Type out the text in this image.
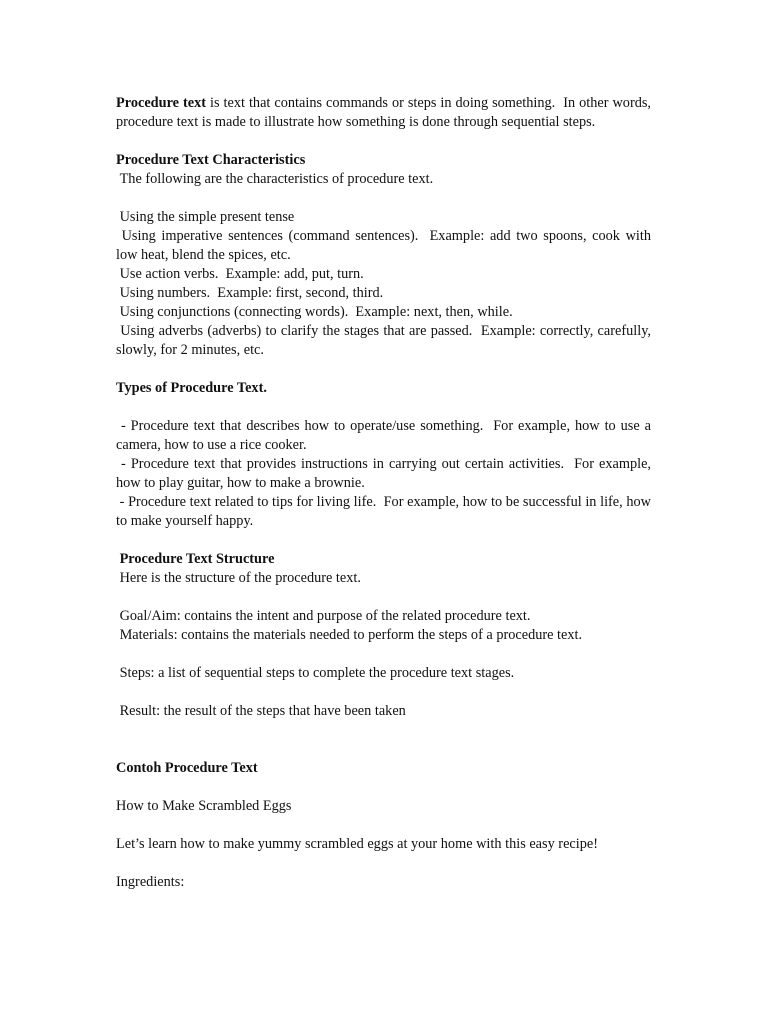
Procedure text is text that contains commands or steps in doing something.  In other words, procedure text is made to illustrate how something is done through sequential steps.
Procedure Text Characteristics
The following are the characteristics of procedure text.
Using the simple present tense
Using imperative sentences (command sentences).  Example: add two spoons, cook with low heat, blend the spices, etc.
Use action verbs.  Example: add, put, turn.
Using numbers.  Example: first, second, third.
Using conjunctions (connecting words).  Example: next, then, while.
Using adverbs (adverbs) to clarify the stages that are passed.  Example: correctly, carefully, slowly, for 2 minutes, etc.
Types of Procedure Text.
- Procedure text that describes how to operate/use something.  For example, how to use a camera, how to use a rice cooker.
- Procedure text that provides instructions in carrying out certain activities.  For example, how to play guitar, how to make a brownie.
- Procedure text related to tips for living life.  For example, how to be successful in life, how to make yourself happy.
Procedure Text Structure
Here is the structure of the procedure text.
Goal/Aim: contains the intent and purpose of the related procedure text.
Materials: contains the materials needed to perform the steps of a procedure text.
Steps: a list of sequential steps to complete the procedure text stages.
Result: the result of the steps that have been taken
Contoh Procedure Text
How to Make Scrambled Eggs
Let’s learn how to make yummy scrambled eggs at your home with this easy recipe!
Ingredients:
